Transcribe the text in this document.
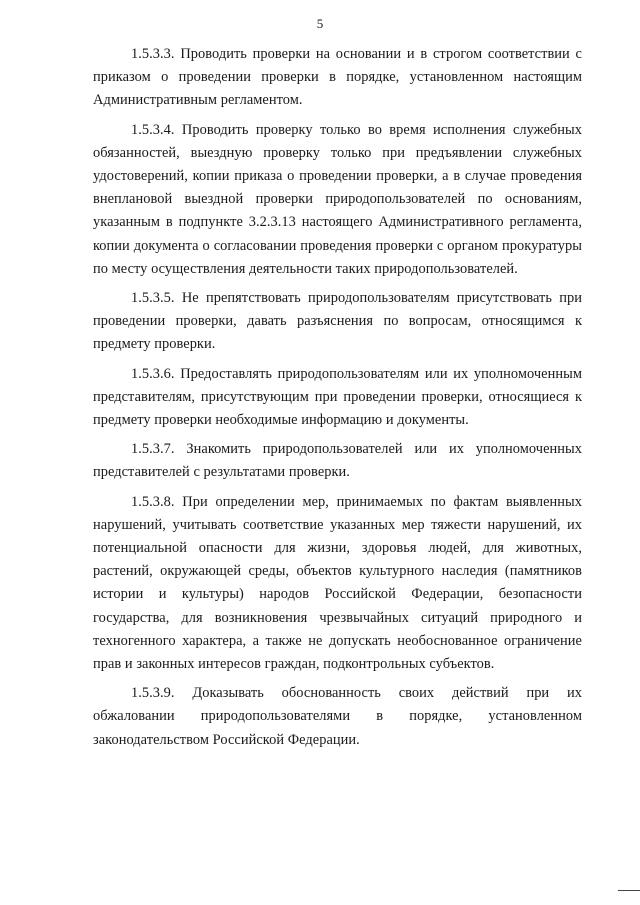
5

1.5.3.3. Проводить проверки на основании и в строгом соответствии с приказом о проведении проверки в порядке, установленном настоящим Административным регламентом.

1.5.3.4. Проводить проверку только во время исполнения служебных обязанностей, выездную проверку только при предъявлении служебных удостоверений, копии приказа о проведении проверки, а в случае проведения внеплановой выездной проверки природопользователей по основаниям, указанным в подпункте 3.2.3.13 настоящего Административного регламента, копии документа о согласовании проведения проверки с органом прокуратуры по месту осуществления деятельности таких природопользователей.

1.5.3.5. Не препятствовать природопользователям присутствовать при проведении проверки, давать разъяснения по вопросам, относящимся к предмету проверки.

1.5.3.6. Предоставлять природопользователям или их уполномоченным представителям, присутствующим при проведении проверки, относящиеся к предмету проверки необходимые информацию и документы.

1.5.3.7. Знакомить природопользователей или их уполномоченных представителей с результатами проверки.

1.5.3.8. При определении мер, принимаемых по фактам выявленных нарушений, учитывать соответствие указанных мер тяжести нарушений, их потенциальной опасности для жизни, здоровья людей, для животных, растений, окружающей среды, объектов культурного наследия (памятников истории и культуры) народов Российской Федерации, безопасности государства, для возникновения чрезвычайных ситуаций природного и техногенного характера, а также не допускать необоснованное ограничение прав и законных интересов граждан, подконтрольных субъектов.

1.5.3.9. Доказывать обоснованность своих действий при их обжаловании природопользователями в порядке, установленном законодательством Российской Федерации.
